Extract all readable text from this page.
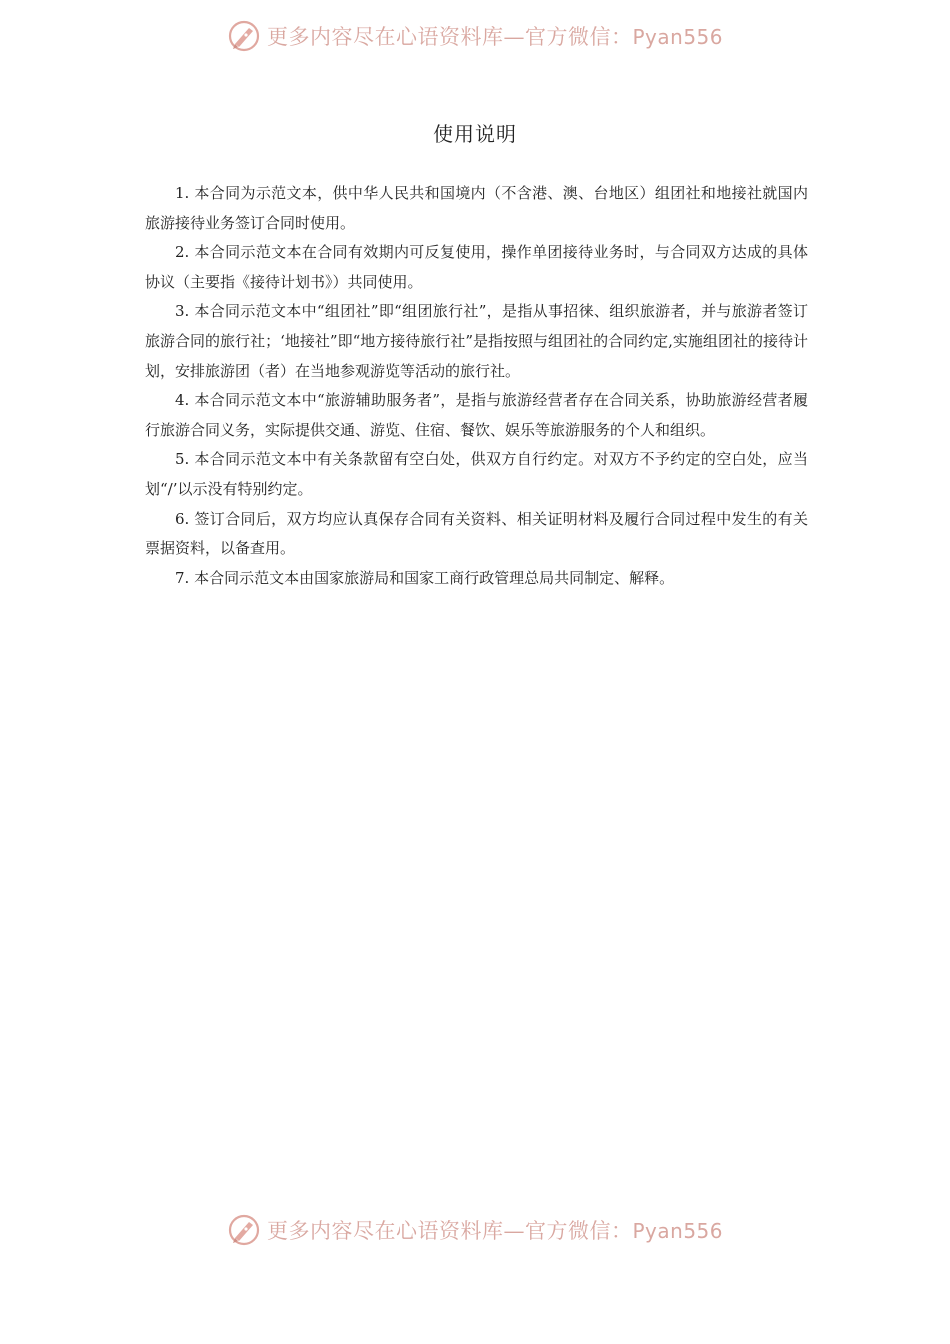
更多内容尽在心语资料库—官方微信：Pyan556
使用说明

1. 本合同为示范文本，供中华人民共和国境内（不含港、澳、台地区）组团社和地接社就国内旅游接待业务签订合同时使用。

2. 本合同示范文本在合同有效期内可反复使用，操作单团接待业务时，与合同双方达成的具体协议（主要指《接待计划书》）共同使用。

3. 本合同示范文本中“组团社”即“组团旅行社”，是指从事招徕、组织旅游者，并与旅游者签订旅游合同的旅行社；‘地接社”即“地方接待旅行社”是指按照与组团社的合同约定,实施组团社的接待计划，安排旅游团（者）在当地参观游览等活动的旅行社。

4. 本合同示范文本中“旅游辅助服务者”，是指与旅游经营者存在合同关系，协助旅游经营者履行旅游合同义务，实际提供交通、游览、住宿、餐饮、娱乐等旅游服务的个人和组织。

5. 本合同示范文本中有关条款留有空白处，供双方自行约定。对双方不予约定的空白处，应当划“/’以示没有特别约定。

6. 签订合同后，双方均应认真保存合同有关资料、相关证明材料及履行合同过程中发生的有关票据资料，以备查用。

7. 本合同示范文本由国家旅游局和国家工商行政管理总局共同制定、解释。

更多内容尽在心语资料库—官方微信：Pyan556
